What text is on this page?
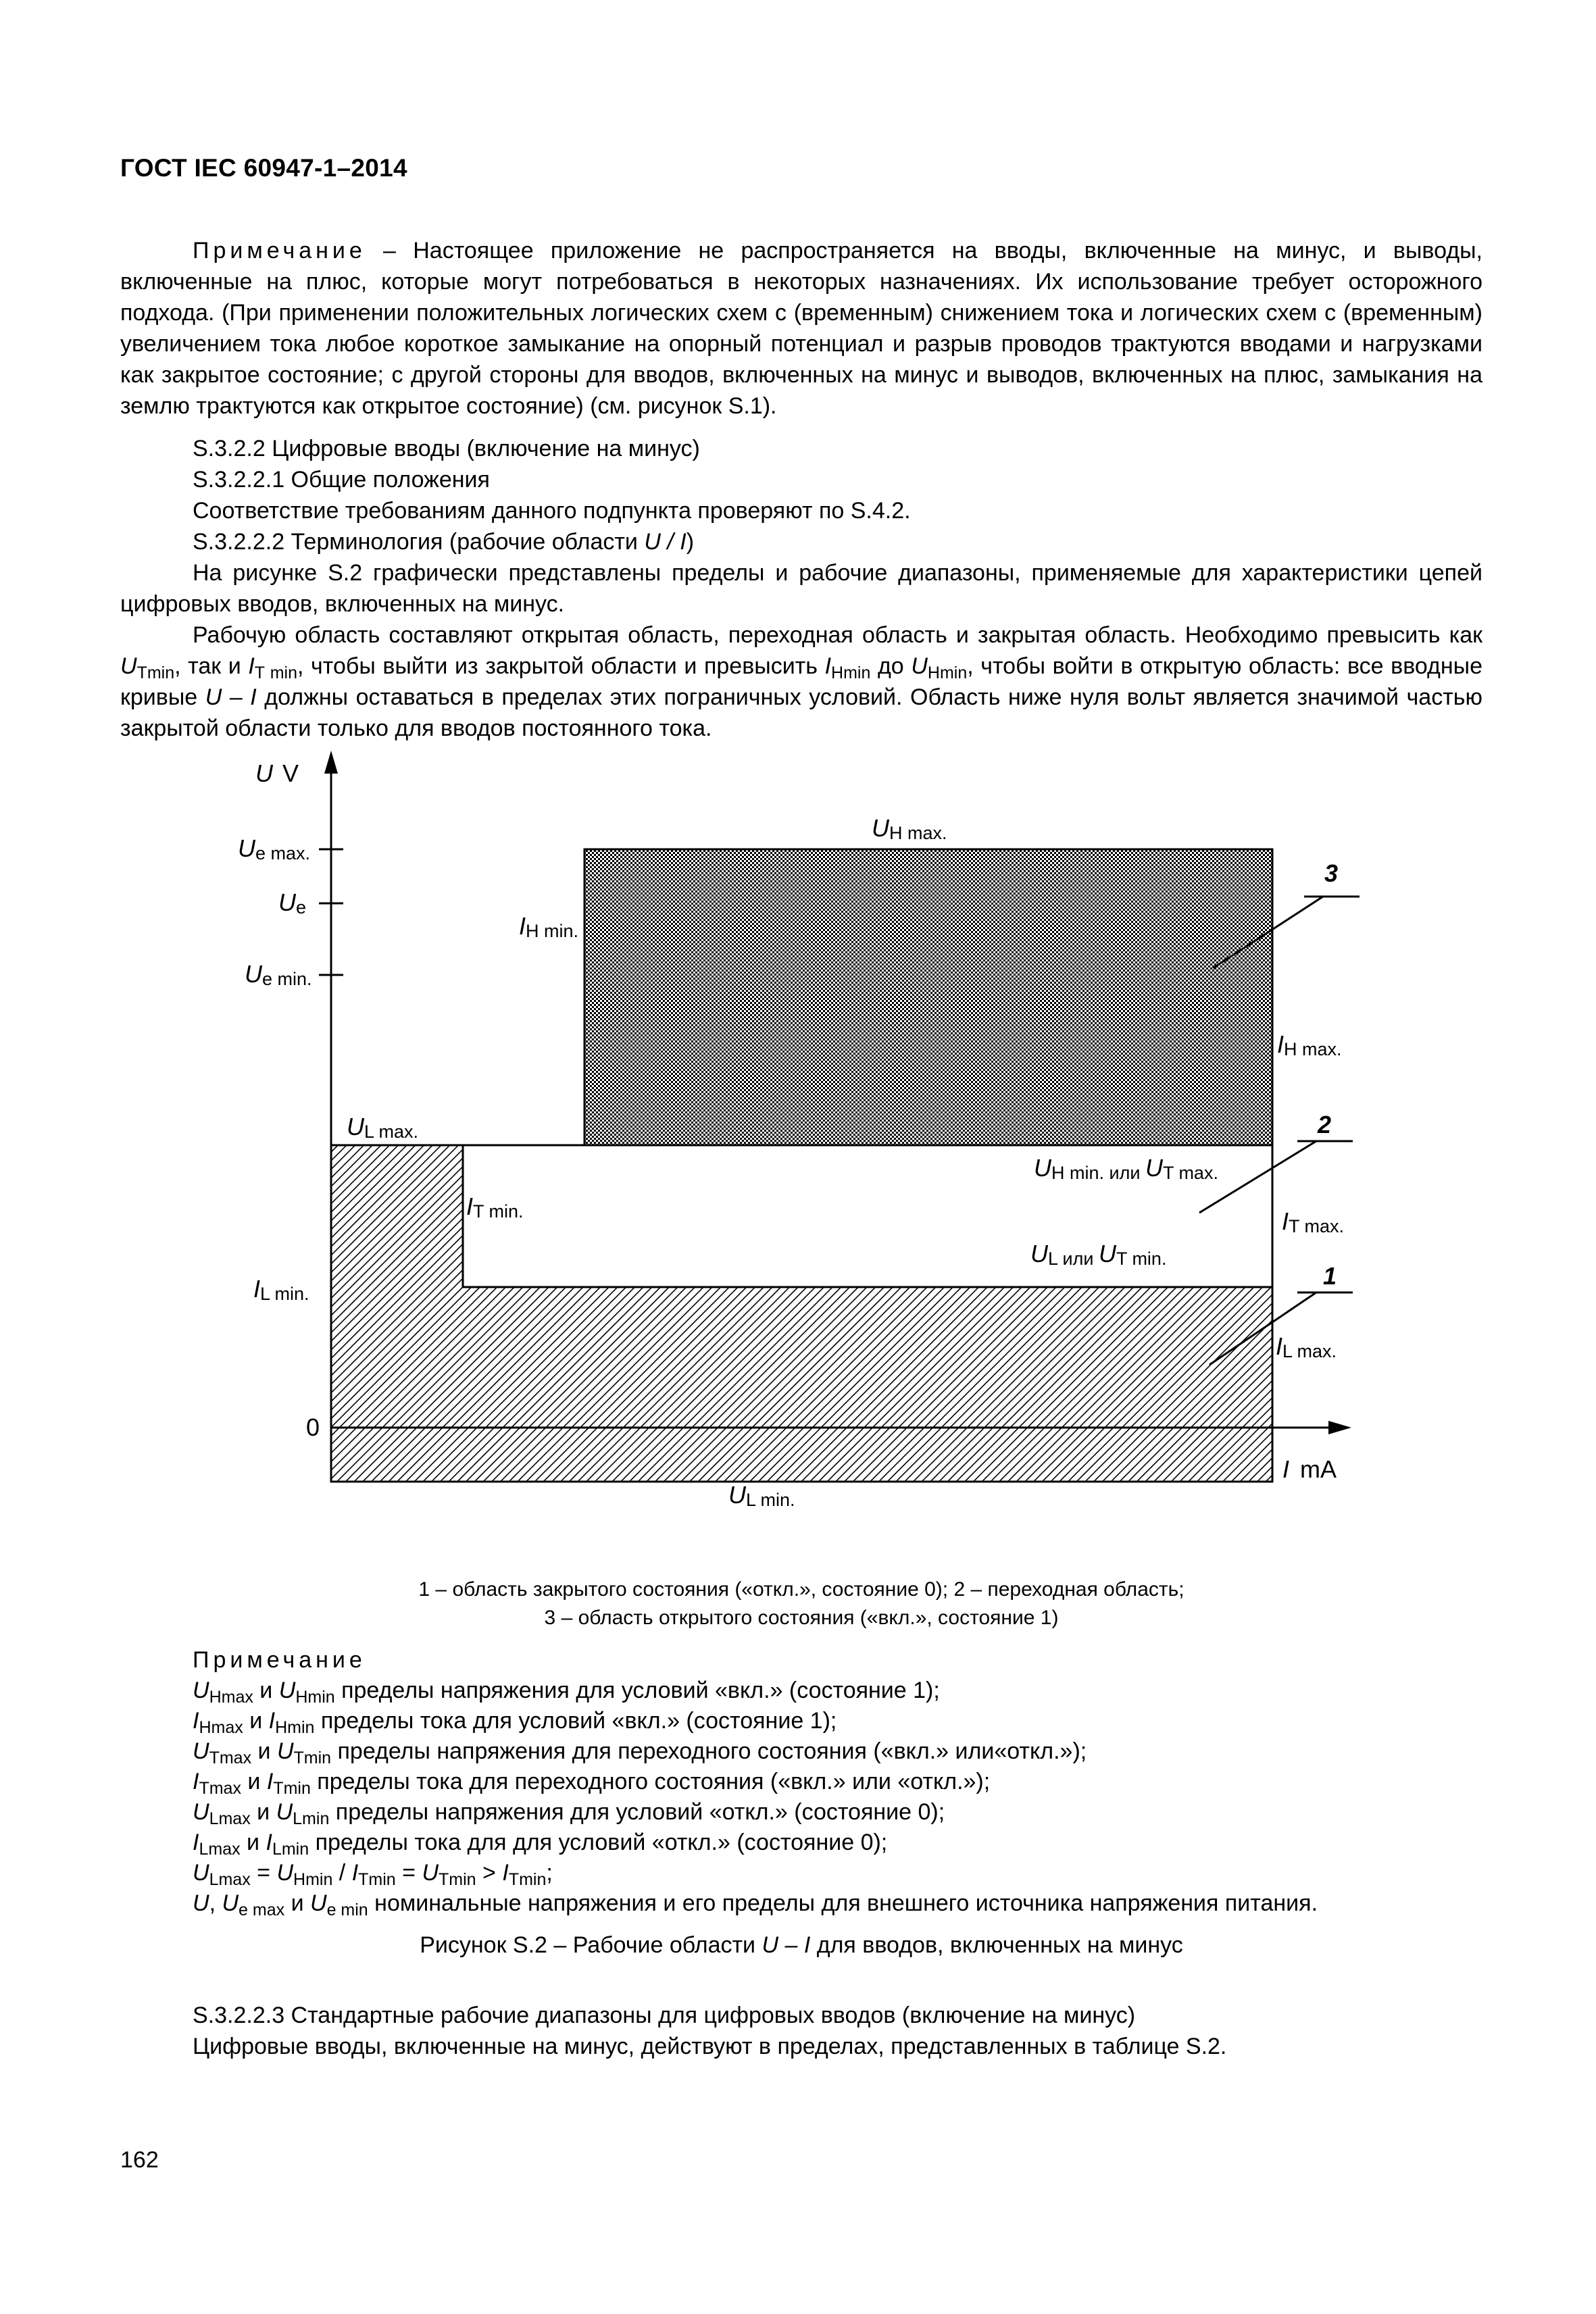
ГОСТ IEC 60947-1–2014

Примечание – Настоящее приложение не распространяется на вводы, включенные на минус, и выводы, включенные на плюс, которые могут потребоваться в некоторых назначениях. Их использование требует осторожного подхода. (При применении положительных логических схем с (временным) снижением тока и логических схем с (временным) увеличением тока любое короткое замыкание на опорный потенциал и разрыв проводов трактуются вводами и нагрузками как закрытое состояние; с другой стороны для вводов, включенных на минус и выводов, включенных на плюс, замыкания на землю трактуются как открытое состояние) (см. рисунок S.1).

S.3.2.2 Цифровые вводы (включение на минус)

S.3.2.2.1 Общие положения

Соответствие требованиям данного подпункта проверяют по S.4.2.

S.3.2.2.2 Терминология (рабочие области U / I)

На рисунке S.2 графически представлены пределы и рабочие диапазоны, применяемые для характеристики цепей цифровых вводов, включенных на минус.

Рабочую область составляют открытая область, переходная область и закрытая область. Необходимо превысить как $U_{Tmin}$, так и $I_{T min}$, чтобы выйти из закрытой области и превысить $I_{Hmin}$ до $U_{Hmin}$, чтобы войти в открытую область: все вводные кривые U – I должны оставаться в пределах этих пограничных условий. Область ниже нуля вольт является значимой частью закрытой области только для вводов постоянного тока.

U V
I mA
Ue max.
Ue
Ue min.
0
UH max.
IH min.
IH max.
UL max.
UH min. или UT max.
IT min.	IT max.
UL или UT min.
IL min.
IL max.
UL min.
3
2
1
1 – область закрытого состояния («откл.», состояние 0); 2 – переходная область;
3 – область открытого состояния («вкл.», состояние 1)
Примечание
$U_{Hmax}$ и $U_{Hmin}$ пределы напряжения для условий «вкл.» (состояние 1);
$I_{Hmax}$ и $I_{Hmin}$ пределы тока для условий «вкл.» (состояние 1);
$U_{Tmax}$ и $U_{Tmin}$ пределы напряжения для переходного состояния («вкл.» или«откл.»);
$I_{Tmax}$ и $I_{Tmin}$ пределы тока для переходного состояния («вкл.» или «откл.»);
$U_{Lmax}$ и $U_{Lmin}$ пределы напряжения для условий «откл.» (состояние 0);
$I_{Lmax}$ и $I_{Lmin}$ пределы тока для для условий «откл.» (состояние 0);
$U_{Lmax} = U_{Hmin} / I_{Tmin} = U_{Tmin} > I_{Tmin}$;
U, $U_{e max}$ и $U_{e min}$ номинальные напряжения и его пределы для внешнего источника напряжения питания.
Рисунок S.2 – Рабочие области U – I для вводов, включенных на минус

S.3.2.2.3 Стандартные рабочие диапазоны для цифровых вводов (включение на минус)

Цифровые вводы, включенные на минус, действуют в пределах, представленных в таблице S.2.

162
